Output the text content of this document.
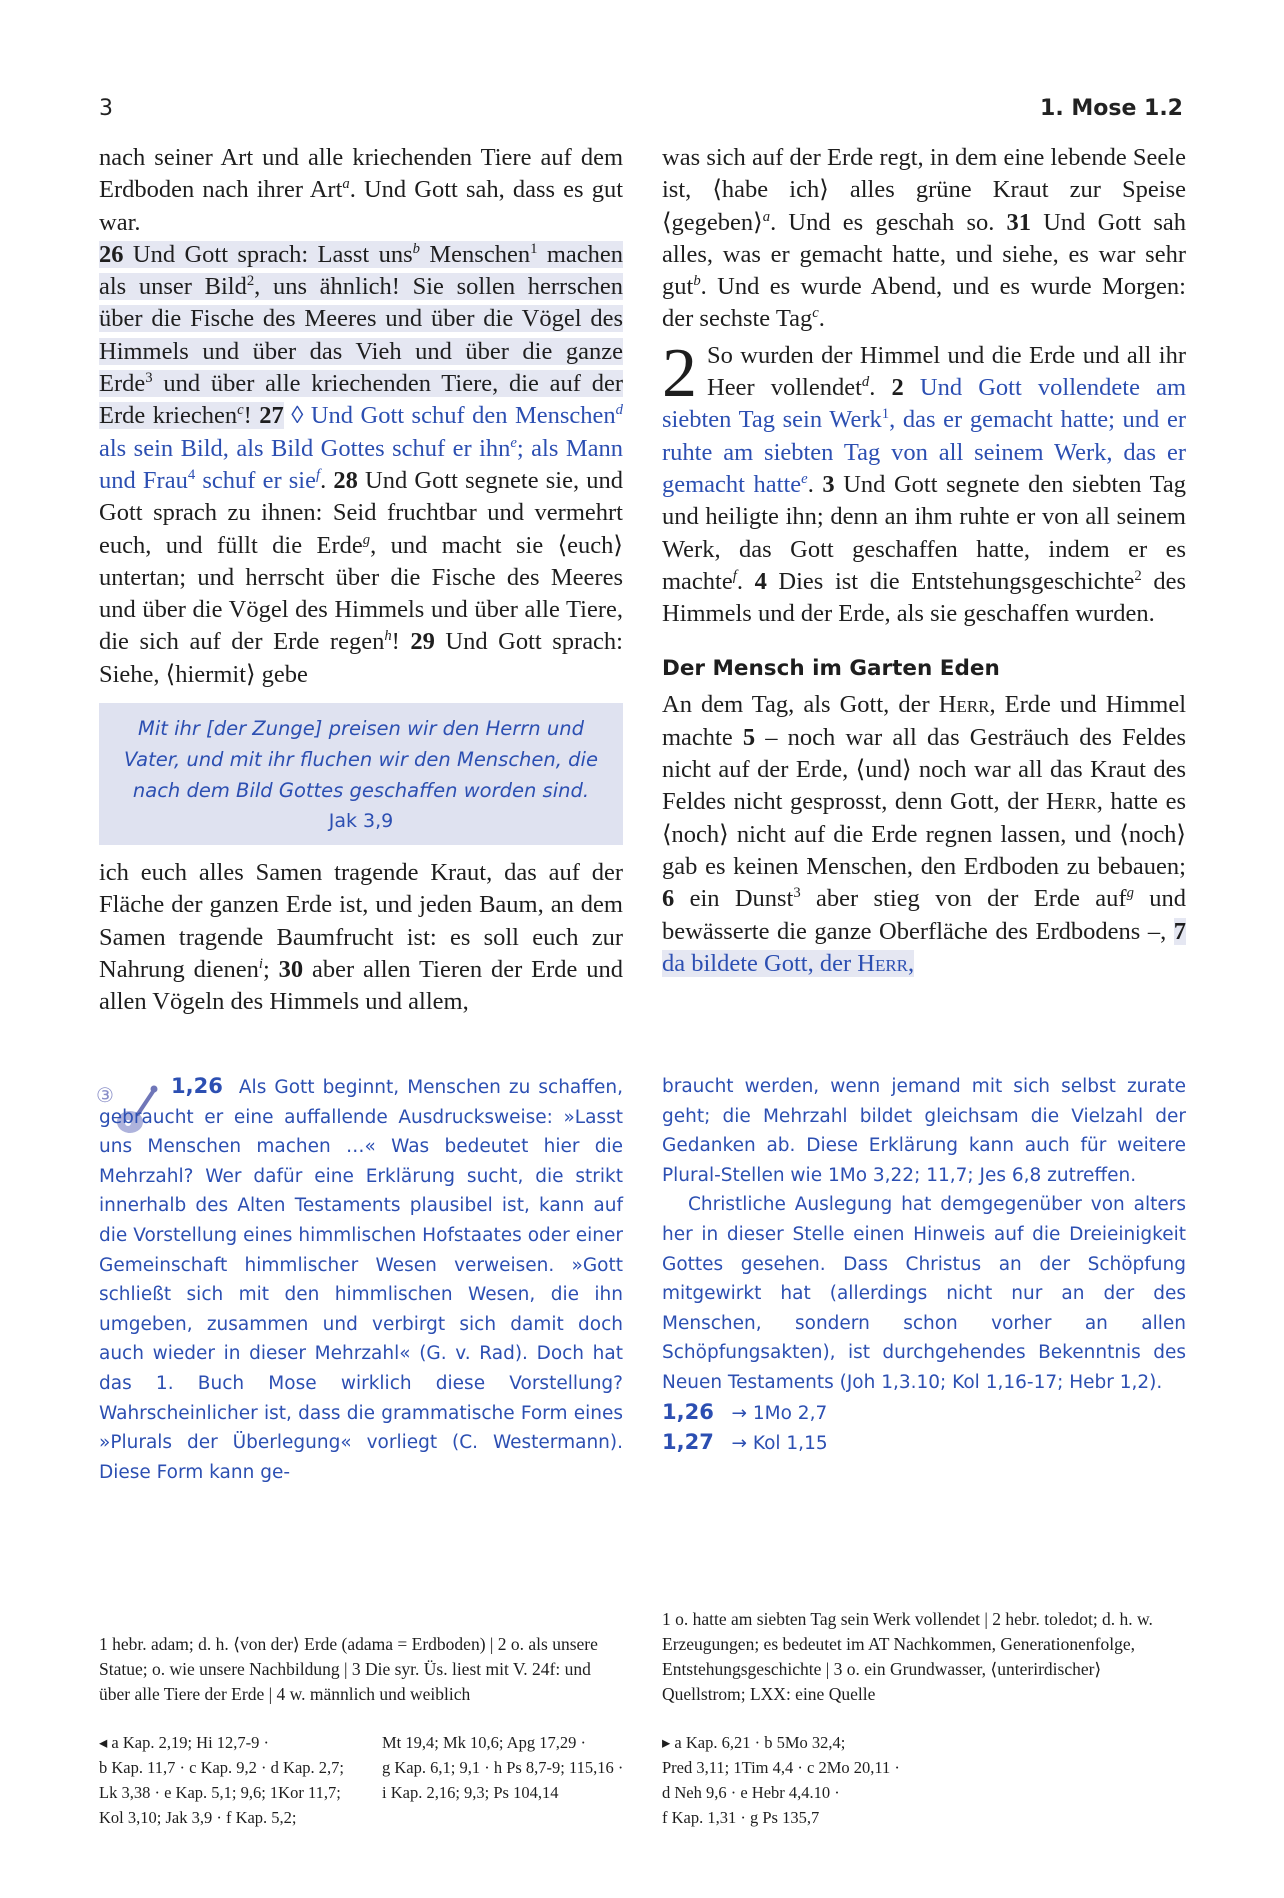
3	1. Mose 1.2

nach seiner Art und alle kriechenden Tiere auf dem Erdboden nach ihrer Art$^a$. Und Gott sah, dass es gut war.

26 Und Gott sprach: Lasst uns$^b$ Menschen$^1$ machen als unser Bild$^2$, uns ähnlich! Sie sollen herrschen über die Fische des Meeres und über die Vögel des Himmels und über das Vieh und über die ganze Erde$^3$ und über alle kriechenden Tiere, die auf der Erde kriechen$^c$! 27 ◊ Und Gott schuf den Menschen$^d$ als sein Bild, als Bild Gottes schuf er ihn$^e$; als Mann und Frau$^4$ schuf er sie$^f$. 28 Und Gott segnete sie, und Gott sprach zu ihnen: Seid fruchtbar und vermehrt euch, und füllt die Erde$^g$, und macht sie ⟨euch⟩ untertan; und herrscht über die Fische des Meeres und über die Vögel des Himmels und über alle Tiere, die sich auf der Erde regen$^h$! 29 Und Gott sprach: Siehe, ⟨hiermit⟩ gebe

Mit ihr [der Zunge] preisen wir den Herrn und Vater, und mit ihr fluchen wir den Menschen, die nach dem Bild Gottes geschaffen worden sind.
Jak 3,9

ich euch alles Samen tragende Kraut, das auf der Fläche der ganzen Erde ist, und jeden Baum, an dem Samen tragende Baumfrucht ist: es soll euch zur Nahrung dienen$^i$; 30 aber allen Tieren der Erde und allen Vögeln des Himmels und allem,

was sich auf der Erde regt, in dem eine lebende Seele ist, ⟨habe ich⟩ alles grüne Kraut zur Speise ⟨gegeben⟩$^a$. Und es geschah so. 31 Und Gott sah alles, was er gemacht hatte, und siehe, es war sehr gut$^b$. Und es wurde Abend, und es wurde Morgen: der sechste Tag$^c$.

2 So wurden der Himmel und die Erde und all ihr Heer vollendet$^d$. 2 Und Gott vollendete am siebten Tag sein Werk$^1$, das er gemacht hatte; und er ruhte am siebten Tag von all seinem Werk, das er gemacht hatte$^e$. 3 Und Gott segnete den siebten Tag und heiligte ihn; denn an ihm ruhte er von all seinem Werk, das Gott geschaffen hatte, indem er es machte$^f$. 4 Dies ist die Entstehungsgeschichte$^2$ des Himmels und der Erde, als sie geschaffen wurden.

Der Mensch im Garten Eden

An dem Tag, als Gott, der Herr, Erde und Himmel machte 5 – noch war all das Gesträuch des Feldes nicht auf der Erde, ⟨und⟩ noch war all das Kraut des Feldes nicht gesprosst, denn Gott, der Herr, hatte es ⟨noch⟩ nicht auf die Erde regnen lassen, und ⟨noch⟩ gab es keinen Menschen, den Erdboden zu bebauen; 6 ein Dunst$^3$ aber stieg von der Erde auf$^g$ und bewässerte die ganze Oberfläche des Erdbodens –, 7 da bildete Gott, der Herr,

③	1,26 Als Gott beginnt, Menschen zu schaffen, gebraucht er eine auffallende Ausdrucksweise: »Lasst uns Menschen machen …« Was bedeutet hier die Mehrzahl? Wer dafür eine Erklärung sucht, die strikt innerhalb des Alten Testaments plausibel ist, kann auf die Vorstellung eines himmlischen Hofstaates oder einer Gemeinschaft himmlischer Wesen verweisen. »Gott schließt sich mit den himmlischen Wesen, die ihn umgeben, zusammen und verbirgt sich damit doch auch wieder in dieser Mehrzahl« (G. v. Rad). Doch hat das 1. Buch Mose wirklich diese Vorstellung? Wahrscheinlicher ist, dass die grammatische Form eines »Plurals der Überlegung« vorliegt (C. Westermann). Diese Form kann ge-

braucht werden, wenn jemand mit sich selbst zurate geht; die Mehrzahl bildet gleichsam die Vielzahl der Gedanken ab. Diese Erklärung kann auch für weitere Plural-Stellen wie 1Mo 3,22; 11,7; Jes 6,8 zutreffen.

Christliche Auslegung hat demgegenüber von alters her in dieser Stelle einen Hinweis auf die Dreieinigkeit Gottes gesehen. Dass Christus an der Schöpfung mitgewirkt hat (allerdings nicht nur an der des Menschen, sondern schon vorher an allen Schöpfungsakten), ist durchgehendes Bekenntnis des Neuen Testaments (Joh 1,3.10; Kol 1,16-17; Hebr 1,2).

1,26 → 1Mo 2,7
1,27 → Kol 1,15
1 hebr. adam; d. h. ⟨von der⟩ Erde (adama = Erdboden) | 2 o. als unsere Statue; o. wie unsere Nachbildung | 3 Die syr. Üs. liest mit V. 24f: und über alle Tiere der Erde | 4 w. männlich und weiblich
1 o. hatte am siebten Tag sein Werk vollendet | 2 hebr. toledot; d. h. w. Erzeugungen; es bedeutet im AT Nachkommen, Generationenfolge, Entstehungsgeschichte | 3 o. ein Grundwasser, ⟨unterirdischer⟩ Quellstrom; LXX: eine Quelle
◂ a Kap. 2,19; Hi 12,7-9 ·
b Kap. 11,7 · c Kap. 9,2 · d Kap. 2,7;
Lk 3,38 · e Kap. 5,1; 9,6; 1Kor 11,7;
Kol 3,10; Jak 3,9 · f Kap. 5,2;
Mt 19,4; Mk 10,6; Apg 17,29 ·
g Kap. 6,1; 9,1 · h Ps 8,7-9; 115,16 ·
i Kap. 2,16; 9,3; Ps 104,14
▸ a Kap. 6,21 · b 5Mo 32,4;
Pred 3,11; 1Tim 4,4 · c 2Mo 20,11 ·
d Neh 9,6 · e Hebr 4,4.10 ·
f Kap. 1,31 · g Ps 135,7
